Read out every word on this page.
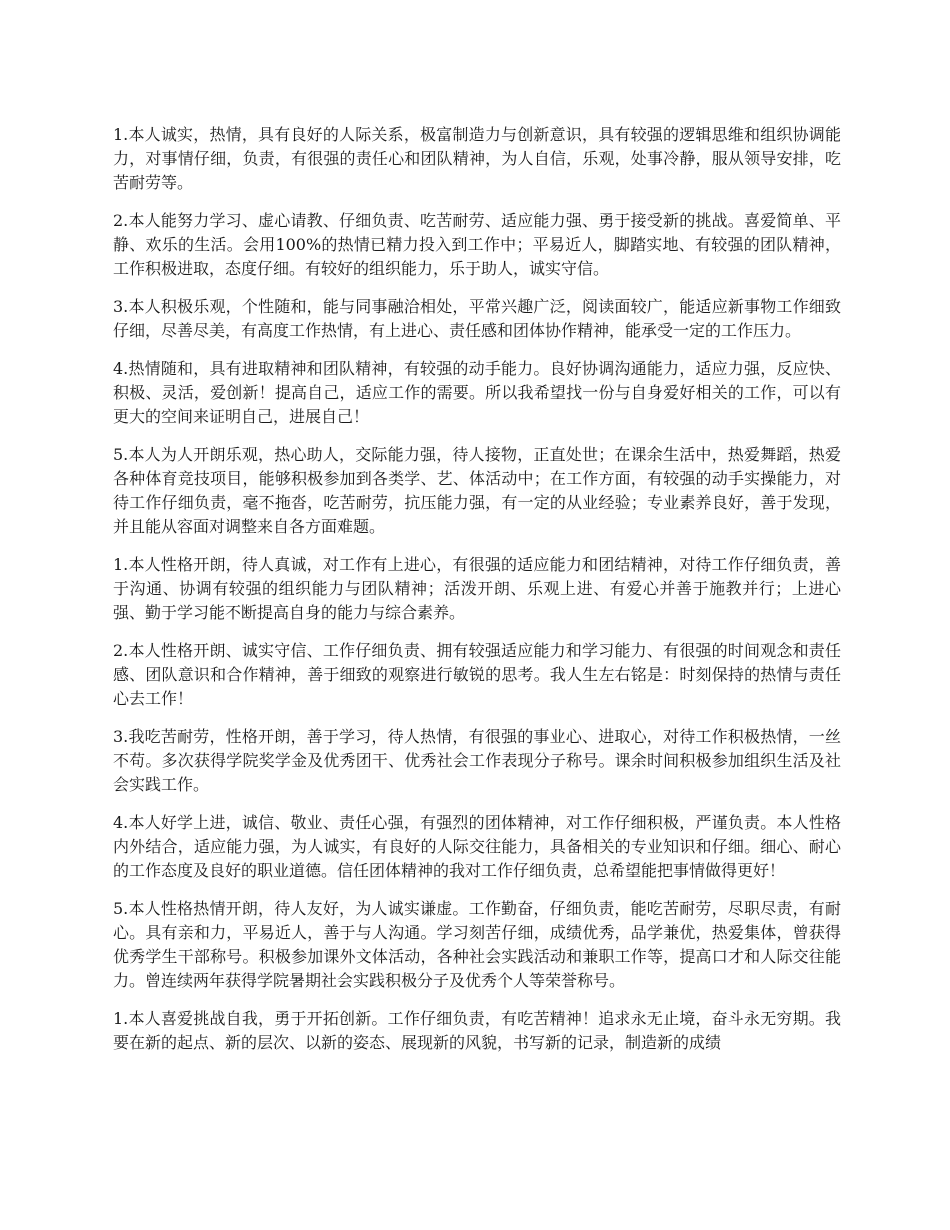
1.本人诚实，热情，具有良好的人际关系，极富制造力与创新意识，具有较强的逻辑思维和组织协调能力，对事情仔细，负责，有很强的责任心和团队精神，为人自信，乐观，处事冷静，服从领导安排，吃苦耐劳等。

2.本人能努力学习、虚心请教、仔细负责、吃苦耐劳、适应能力强、勇于接受新的挑战。喜爱简单、平静、欢乐的生活。会用100%的热情已精力投入到工作中；平易近人，脚踏实地、有较强的团队精神，工作积极进取，态度仔细。有较好的组织能力，乐于助人，诚实守信。

3.本人积极乐观，个性随和，能与同事融洽相处，平常兴趣广泛，阅读面较广，能适应新事物工作细致仔细，尽善尽美，有高度工作热情，有上进心、责任感和团体协作精神，能承受一定的工作压力。

4.热情随和，具有进取精神和团队精神，有较强的动手能力。良好协调沟通能力，适应力强，反应快、积极、灵活，爱创新！提高自己，适应工作的需要。所以我希望找一份与自身爱好相关的工作，可以有更大的空间来证明自己，进展自己！

5.本人为人开朗乐观，热心助人，交际能力强，待人接物，正直处世；在课余生活中，热爱舞蹈，热爱各种体育竞技项目，能够积极参加到各类学、艺、体活动中；在工作方面，有较强的动手实操能力，对待工作仔细负责，毫不拖沓，吃苦耐劳，抗压能力强，有一定的从业经验；专业素养良好，善于发现，并且能从容面对调整来自各方面难题。

1.本人性格开朗，待人真诚，对工作有上进心，有很强的适应能力和团结精神，对待工作仔细负责，善于沟通、协调有较强的组织能力与团队精神；活泼开朗、乐观上进、有爱心并善于施教并行；上进心强、勤于学习能不断提高自身的能力与综合素养。

2.本人性格开朗、诚实守信、工作仔细负责、拥有较强适应能力和学习能力、有很强的时间观念和责任感、团队意识和合作精神，善于细致的观察进行敏锐的思考。我人生左右铭是：时刻保持的热情与责任心去工作！

3.我吃苦耐劳，性格开朗，善于学习，待人热情，有很强的事业心、进取心，对待工作积极热情，一丝不苟。多次获得学院奖学金及优秀团干、优秀社会工作表现分子称号。课余时间积极参加组织生活及社会实践工作。

4.本人好学上进，诚信、敬业、责任心强，有强烈的团体精神，对工作仔细积极，严谨负责。本人性格内外结合，适应能力强，为人诚实，有良好的人际交往能力，具备相关的专业知识和仔细。细心、耐心的工作态度及良好的职业道德。信任团体精神的我对工作仔细负责，总希望能把事情做得更好！

5.本人性格热情开朗，待人友好，为人诚实谦虚。工作勤奋，仔细负责，能吃苦耐劳，尽职尽责，有耐心。具有亲和力，平易近人，善于与人沟通。学习刻苦仔细，成绩优秀，品学兼优，热爱集体，曾获得优秀学生干部称号。积极参加课外文体活动，各种社会实践活动和兼职工作等，提高口才和人际交往能力。曾连续两年获得学院暑期社会实践积极分子及优秀个人等荣誉称号。

1.本人喜爱挑战自我，勇于开拓创新。工作仔细负责，有吃苦精神！追求永无止境，奋斗永无穷期。我要在新的起点、新的层次、以新的姿态、展现新的风貌，书写新的记录，制造新的成绩
